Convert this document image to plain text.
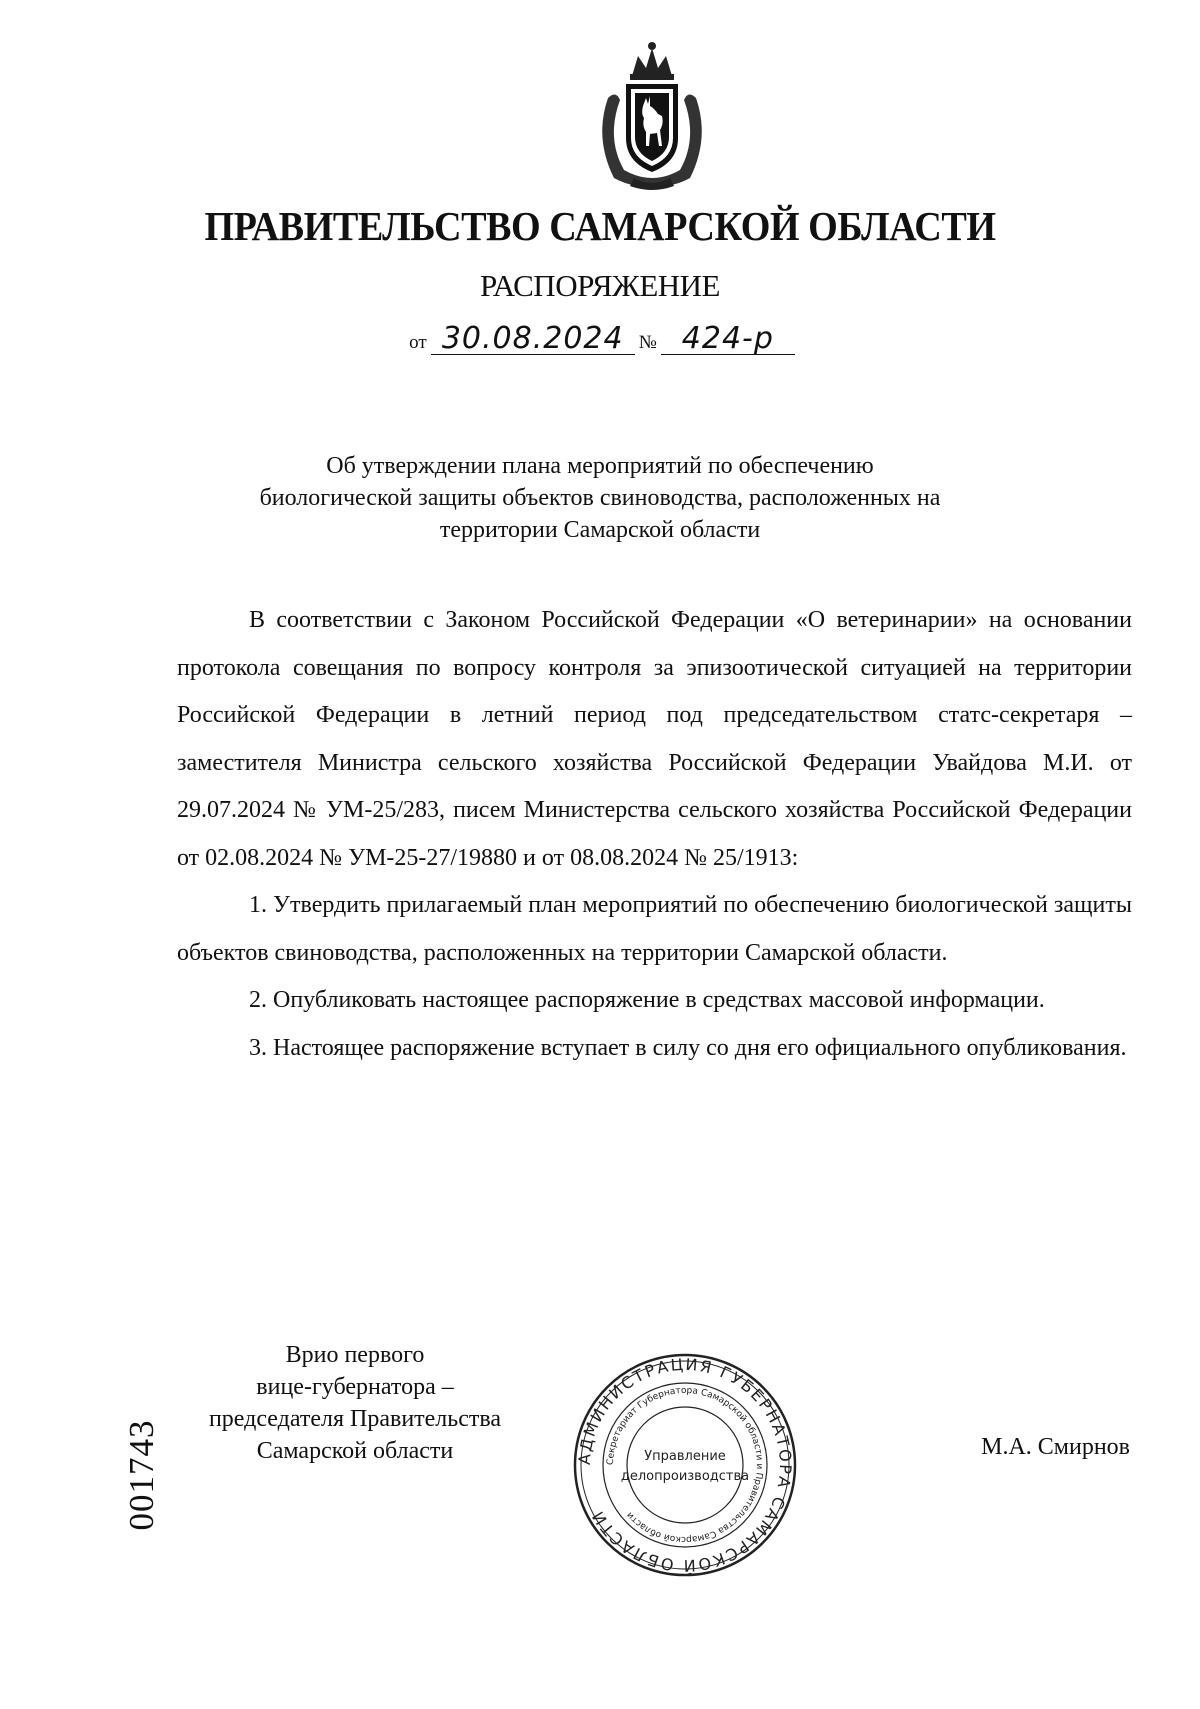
ПРАВИТЕЛЬСТВО САМАРСКОЙ ОБЛАСТИ
РАСПОРЯЖЕНИЕ
от 30.08.2024 № 424-р
Об утверждении плана мероприятий по обеспечению
биологической защиты объектов свиноводства, расположенных на
территории Самарской области

В соответствии с Законом Российской Федерации «О ветеринарии» на основании протокола совещания по вопросу контроля за эпизоотической ситуацией на территории Российской Федерации в летний период под председательством статс-секретаря – заместителя Министра сельского хозяйства Российской Федерации Увайдова М.И. от 29.07.2024 № УМ-25/283, писем Министерства сельского хозяйства Российской Федерации от 02.08.2024 № УМ-25-27/19880 и от 08.08.2024 № 25/1913:

1. Утвердить прилагаемый план мероприятий по обеспечению биологической защиты объектов свиноводства, расположенных на территории Самарской области.

2. Опубликовать настоящее распоряжение в средствах массовой информации.

3. Настоящее распоряжение вступает в силу со дня его официального опубликования.

Врио первого
вице-губернатора –
председателя Правительства
Самарской области	АДМИНИСТРАЦИЯ ГУБЕРНАТОРА САМАРСКОЙ ОБЛАСТИ
Секретариат Губернатора Самарской области и Правительства Самарской области
Управление
делопроизводства
М.А. Смирнов
001743
